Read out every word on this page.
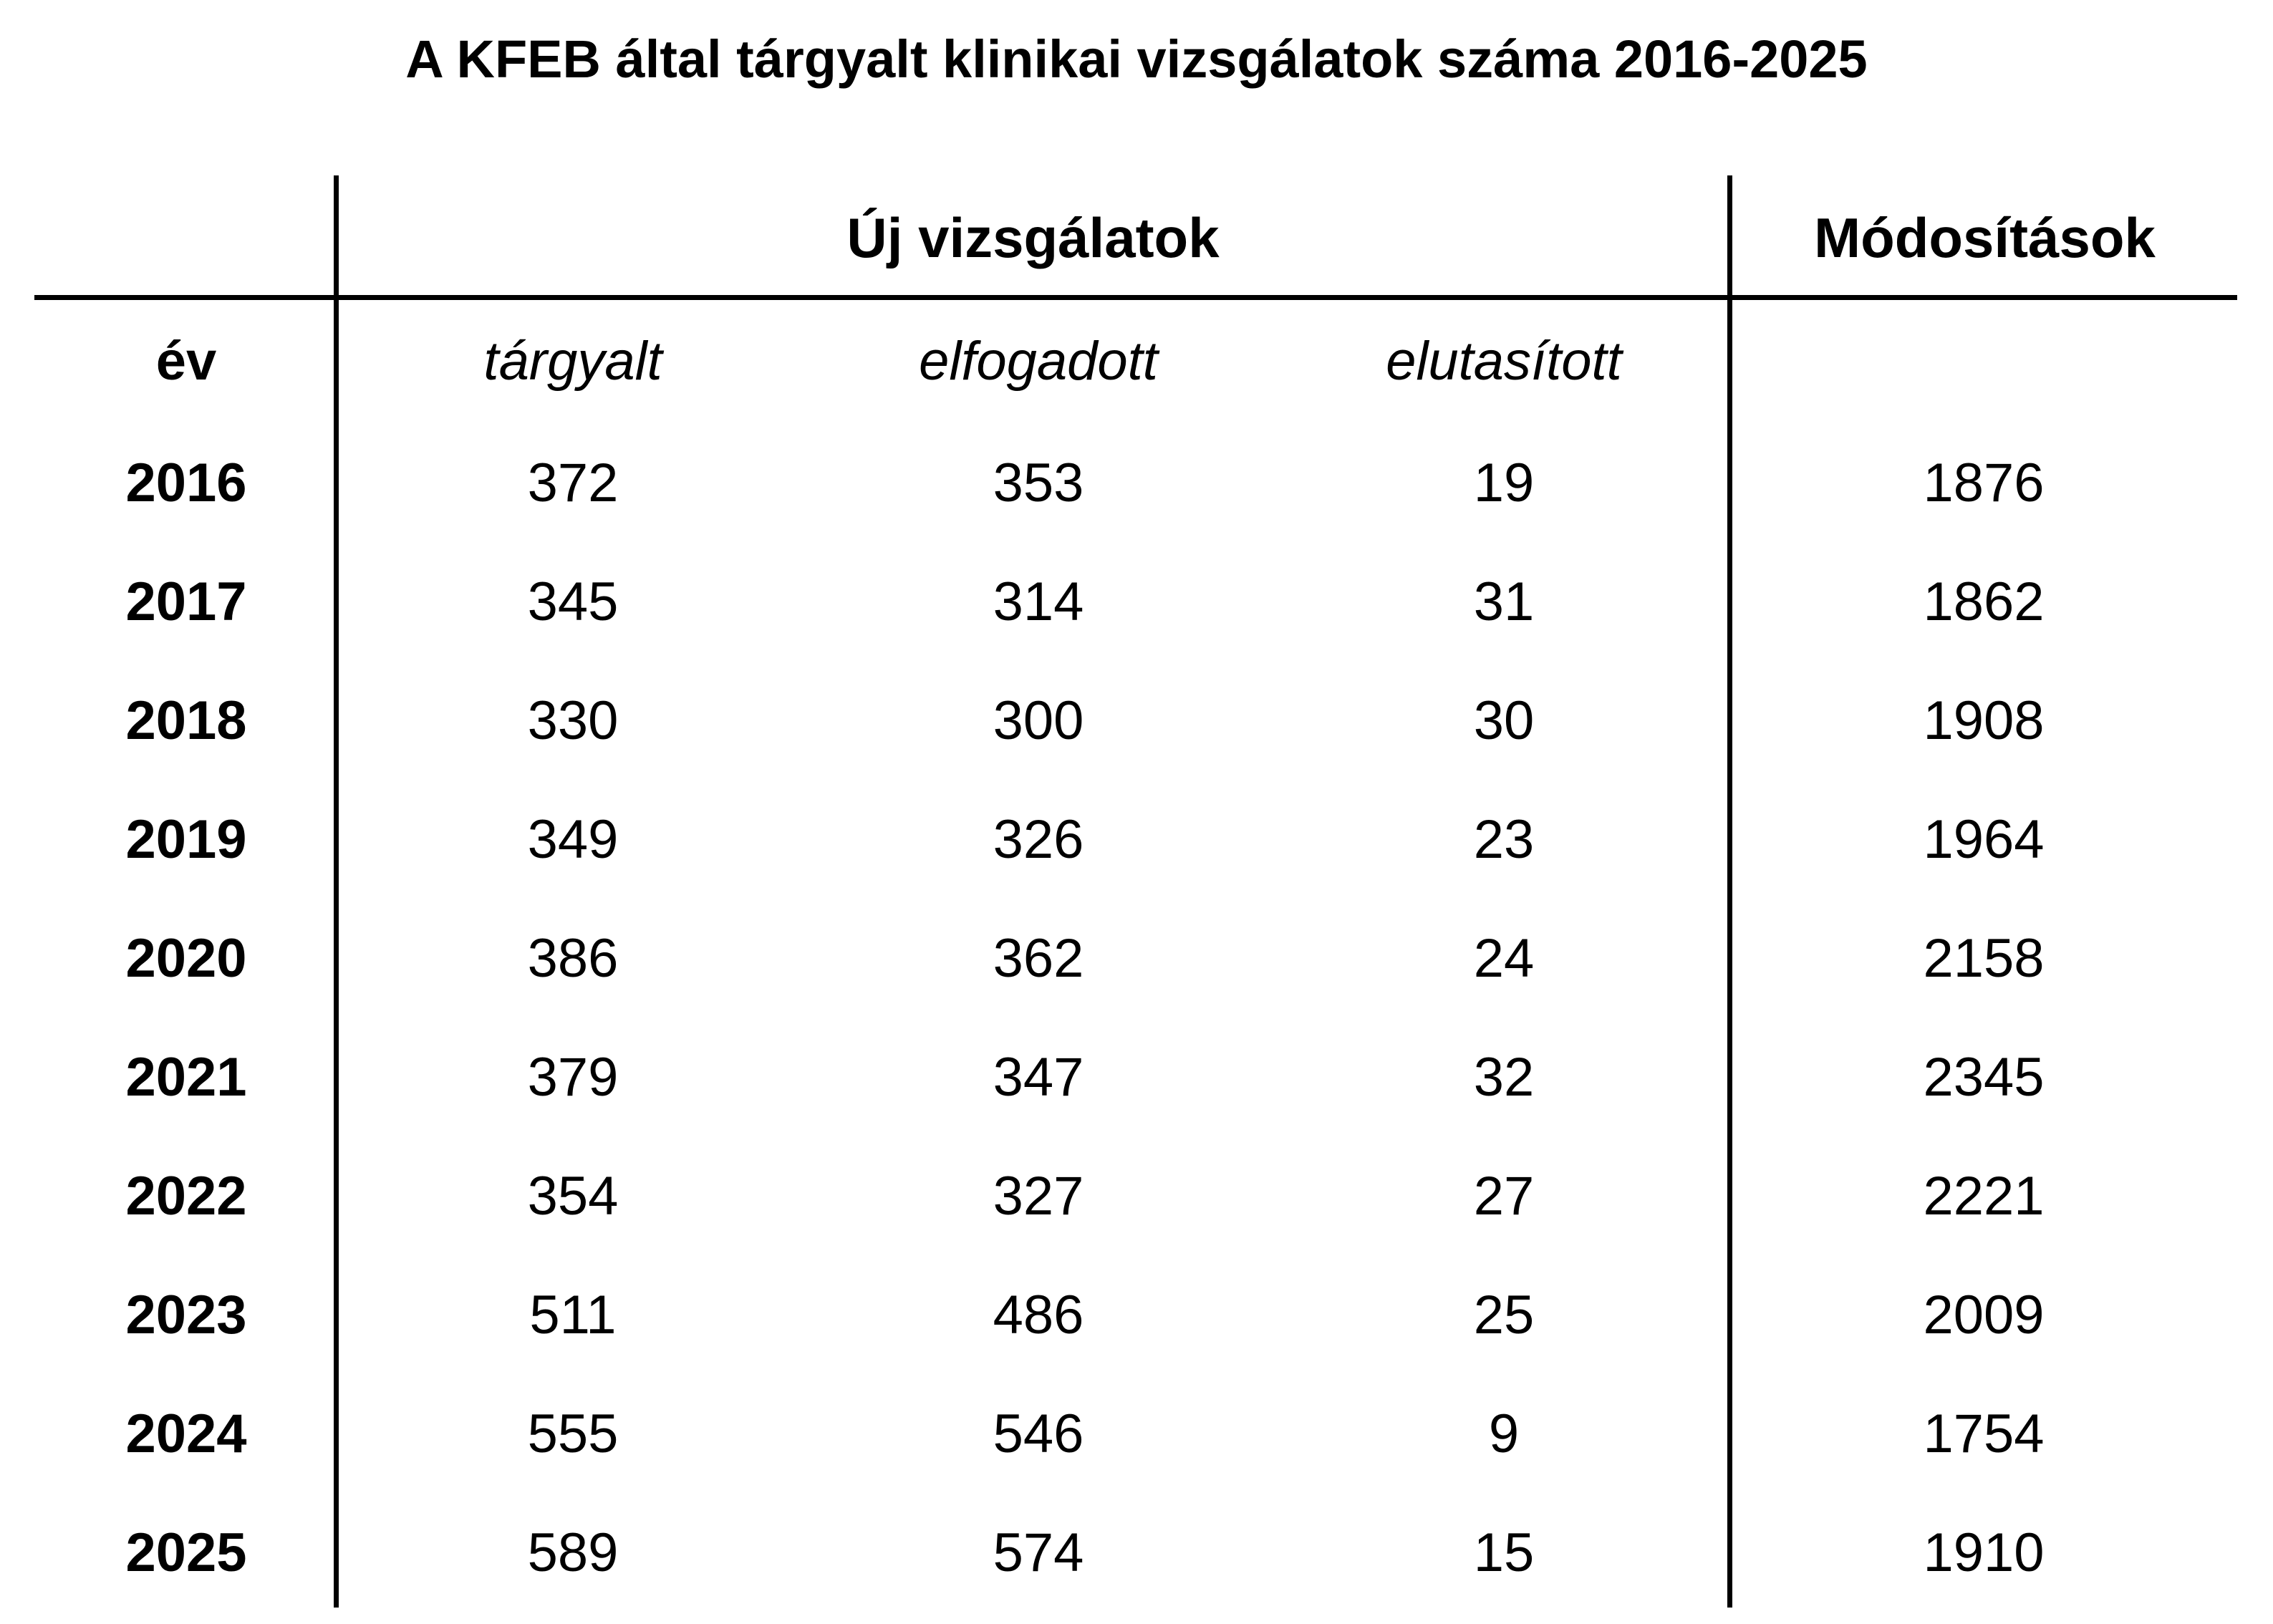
A KFEB által tárgyalt klinikai vizsgálatok száma 2016-2025
Új vizsgálatok	Módosítások
év	tárgyalt	elfogadott	elutasított
2016	372	353	19	1876
2017	345	314	31	1862
2018	330	300	30	1908
2019	349	326	23	1964
2020	386	362	24	2158
2021	379	347	32	2345
2022	354	327	27	2221
2023	511	486	25	2009
2024	555	546	9	1754
2025	589	574	15	1910
